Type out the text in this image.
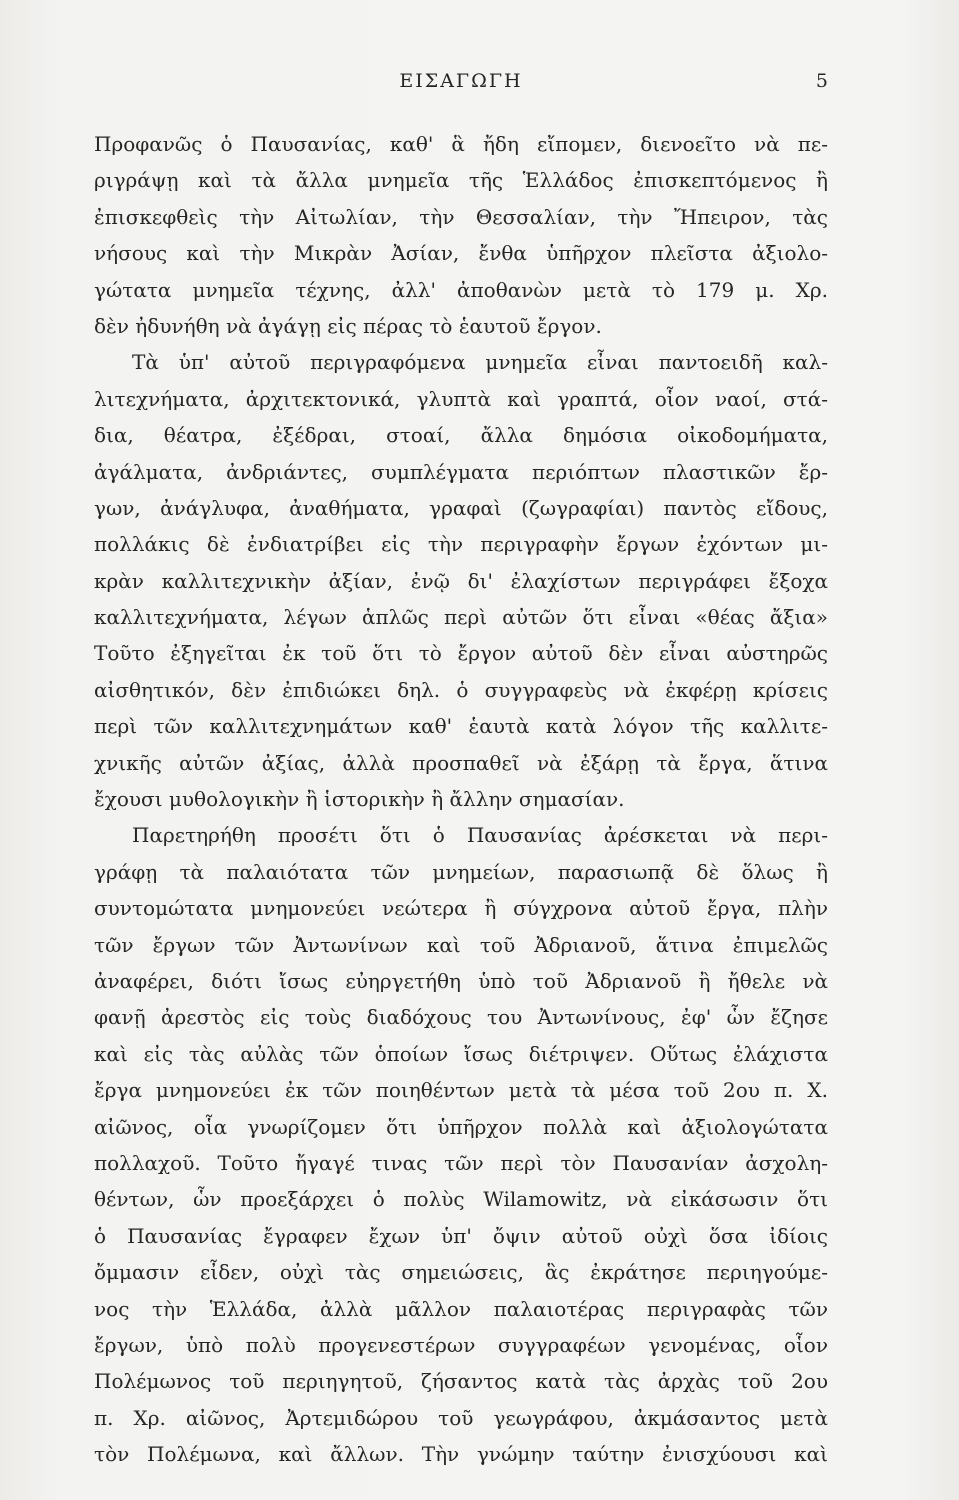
ΕΙΣΑΓΩΓΗ	5
Προφανῶς ὁ Παυσανίας, καθ' ἃ ἤδη εἴπομεν, διενοεῖτο νὰ πε-
ριγράψῃ καὶ τὰ ἄλλα μνημεῖα τῆς Ἑλλάδος ἐπισκεπτόμενος ἢ
ἐπισκεφθεὶς τὴν Αἰτωλίαν, τὴν Θεσσαλίαν, τὴν Ἤπειρον, τὰς
νήσους καὶ τὴν Μικρὰν Ἀσίαν, ἔνθα ὑπῆρχον πλεῖστα ἀξιολο-
γώτατα μνημεῖα τέχνης, ἀλλ' ἀποθανὼν μετὰ τὸ 179 μ. Χρ.
δὲν ἠδυνήθη νὰ ἀγάγῃ εἰς πέρας τὸ ἑαυτοῦ ἔργον.
Τὰ ὑπ' αὐτοῦ περιγραφόμενα μνημεῖα εἶναι παντοειδῆ καλ-
λιτεχνήματα, ἀρχιτεκτονικά, γλυπτὰ καὶ γραπτά, οἷον ναοί, στά-
δια, θέατρα, ἐξέδραι, στοαί, ἄλλα δημόσια οἰκοδομήματα,
ἀγάλματα, ἀνδριάντες, συμπλέγματα περιόπτων πλαστικῶν ἔρ-
γων, ἀνάγλυφα, ἀναθήματα, γραφαὶ (ζωγραφίαι) παντὸς εἴδους,
πολλάκις δὲ ἐνδιατρίβει εἰς τὴν περιγραφὴν ἔργων ἐχόντων μι-
κρὰν καλλιτεχνικὴν ἀξίαν, ἐνῷ δι' ἐλαχίστων περιγράφει ἔξοχα
καλλιτεχνήματα, λέγων ἁπλῶς περὶ αὐτῶν ὅτι εἶναι «θέας ἄξια»
Τοῦτο ἐξηγεῖται ἐκ τοῦ ὅτι τὸ ἔργον αὐτοῦ δὲν εἶναι αὐστηρῶς
αἰσθητικόν, δὲν ἐπιδιώκει δηλ. ὁ συγγραφεὺς νὰ ἐκφέρῃ κρίσεις
περὶ τῶν καλλιτεχνημάτων καθ' ἑαυτὰ κατὰ λόγον τῆς καλλιτε-
χνικῆς αὐτῶν ἀξίας, ἀλλὰ προσπαθεῖ νὰ ἐξάρῃ τὰ ἔργα, ἅτινα
ἔχουσι μυθολογικὴν ἢ ἱστορικὴν ἢ ἄλλην σημασίαν.
Παρετηρήθη προσέτι ὅτι ὁ Παυσανίας ἀρέσκεται νὰ περι-
γράφῃ τὰ παλαιότατα τῶν μνημείων, παρασιωπᾷ δὲ ὅλως ἢ
συντομώτατα μνημονεύει νεώτερα ἢ σύγχρονα αὐτοῦ ἔργα, πλὴν
τῶν ἔργων τῶν Ἀντωνίνων καὶ τοῦ Ἀδριανοῦ, ἅτινα ἐπιμελῶς
ἀναφέρει, διότι ἴσως εὐηργετήθη ὑπὸ τοῦ Ἀδριανοῦ ἢ ἤθελε νὰ
φανῇ ἀρεστὸς εἰς τοὺς διαδόχους του Ἀντωνίνους, ἐφ' ὧν ἔζησε
καὶ εἰς τὰς αὐλὰς τῶν ὁποίων ἴσως διέτριψεν. Οὕτως ἐλάχιστα
ἔργα μνημονεύει ἐκ τῶν ποιηθέντων μετὰ τὰ μέσα τοῦ 2ου π. Χ.
αἰῶνος, οἷα γνωρίζομεν ὅτι ὑπῆρχον πολλὰ καὶ ἀξιολογώτατα
πολλαχοῦ. Τοῦτο ἤγαγέ τινας τῶν περὶ τὸν Παυσανίαν ἀσχολη-
θέντων, ὧν προεξάρχει ὁ πολὺς Wilamowitz, νὰ εἰκάσωσιν ὅτι
ὁ Παυσανίας ἔγραφεν ἔχων ὑπ' ὄψιν αὐτοῦ οὐχὶ ὅσα ἰδίοις
ὄμμασιν εἶδεν, οὐχὶ τὰς σημειώσεις, ἃς ἐκράτησε περιηγούμε-
νος τὴν Ἑλλάδα, ἀλλὰ μᾶλλον παλαιοτέρας περιγραφὰς τῶν
ἔργων, ὑπὸ πολὺ προγενεστέρων συγγραφέων γενομένας, οἷον
Πολέμωνος τοῦ περιηγητοῦ, ζήσαντος κατὰ τὰς ἀρχὰς τοῦ 2ου
π. Χρ. αἰῶνος, Ἀρτεμιδώρου τοῦ γεωγράφου, ἀκμάσαντος μετὰ
τὸν Πολέμωνα, καὶ ἄλλων. Τὴν γνώμην ταύτην ἐνισχύουσι καὶ
